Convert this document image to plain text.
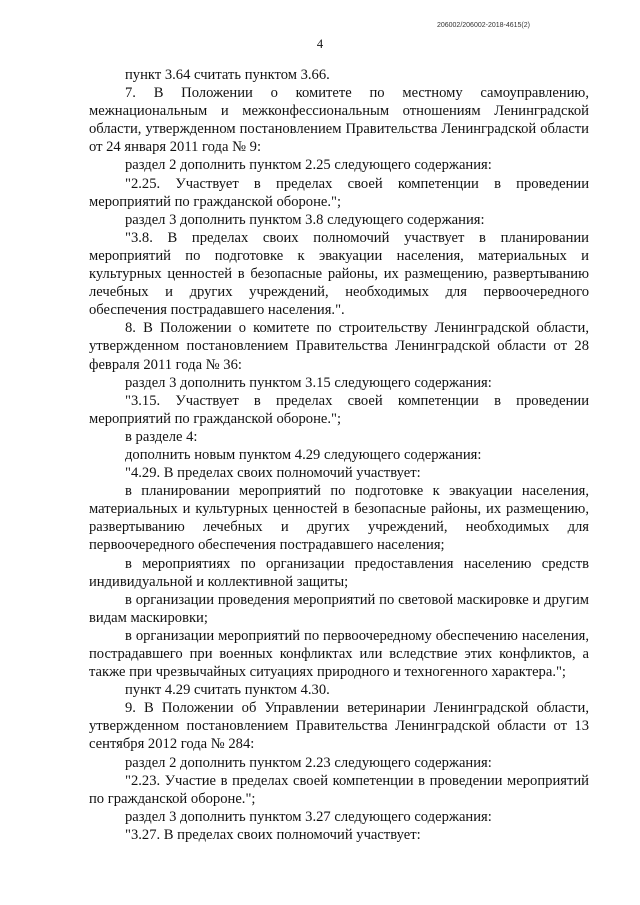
206002/206002-2018-4615(2)
4

пункт 3.64 считать пунктом 3.66.

7. В Положении о комитете по местному самоуправлению, межнациональным и межконфессиональным отношениям Ленинградской области, утвержденном постановлением Правительства Ленинградской области от 24 января 2011 года № 9:

раздел 2 дополнить пунктом 2.25 следующего содержания:

"2.25. Участвует в пределах своей компетенции в проведении мероприятий по гражданской обороне.";

раздел 3 дополнить пунктом 3.8 следующего содержания:

"3.8. В пределах своих полномочий участвует в планировании мероприятий по подготовке к эвакуации населения, материальных и культурных ценностей в безопасные районы, их размещению, развертыванию лечебных и других учреждений, необходимых для первоочередного обеспечения пострадавшего населения.".

8. В Положении о комитете по строительству Ленинградской области, утвержденном постановлением Правительства Ленинградской области от 28 февраля 2011 года № 36:

раздел 3 дополнить пунктом 3.15 следующего содержания:

"3.15. Участвует в пределах своей компетенции в проведении мероприятий по гражданской обороне.";

в разделе 4:

дополнить новым пунктом 4.29 следующего содержания:

"4.29. В пределах своих полномочий участвует:

в планировании мероприятий по подготовке к эвакуации населения, материальных и культурных ценностей в безопасные районы, их размещению, развертыванию лечебных и других учреждений, необходимых для первоочередного обеспечения пострадавшего населения;

в мероприятиях по организации предоставления населению средств индивидуальной и коллективной защиты;

в организации проведения мероприятий по световой маскировке и другим видам маскировки;

в организации мероприятий по первоочередному обеспечению населения, пострадавшего при военных конфликтах или вследствие этих конфликтов, а также при чрезвычайных ситуациях природного и техногенного характера.";

пункт 4.29 считать пунктом 4.30.

9. В Положении об Управлении ветеринарии Ленинградской области, утвержденном постановлением Правительства Ленинградской области от 13 сентября 2012 года № 284:

раздел 2 дополнить пунктом 2.23 следующего содержания:

"2.23. Участие в пределах своей компетенции в проведении мероприятий по гражданской обороне.";

раздел 3 дополнить пунктом 3.27 следующего содержания:

"3.27. В пределах своих полномочий участвует:
